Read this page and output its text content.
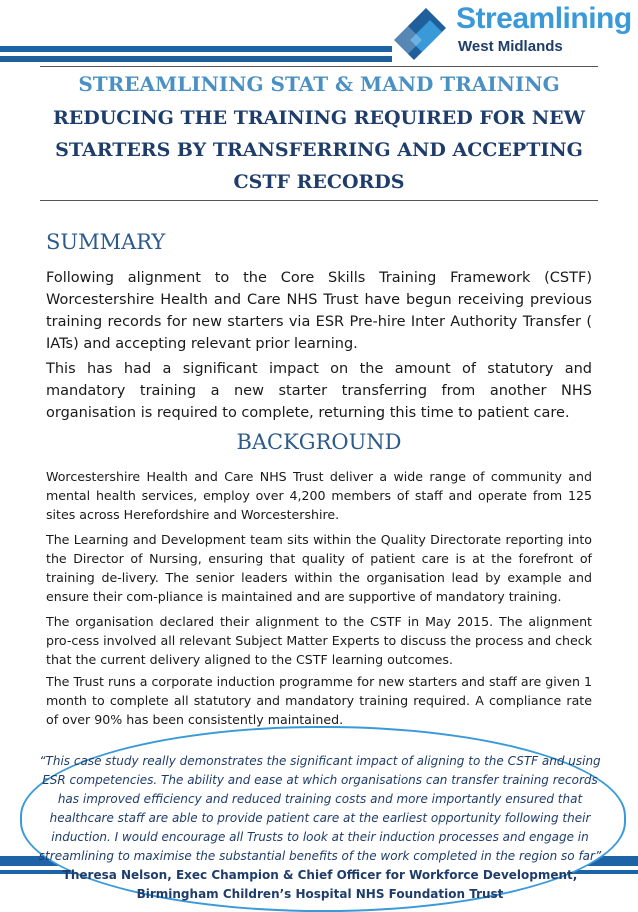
Streamlining
West Midlands
STREAMLINING STAT & MAND TRAINING
REDUCING THE TRAINING REQUIRED FOR NEW
STARTERS BY TRANSFERRING AND ACCEPTING
CSTF RECORDS
SUMMARY

Following alignment to the Core Skills Training Framework (CSTF) Worcestershire Health and Care NHS Trust have begun receiving previous training records for new starters via ESR Pre-hire Inter Authority Transfer ( IATs) and accepting relevant prior learning.

This has had a significant impact on the amount of statutory and mandatory training a new starter transferring from another NHS organisation is required to complete, returning this time to patient care.

BACKGROUND

Worcestershire Health and Care NHS Trust deliver a wide range of community and mental health services, employ over 4,200 members of staff and operate from 125 sites across Herefordshire and Worcestershire.

The Learning and Development team sits within the Quality Directorate reporting into the Director of Nursing, ensuring that quality of patient care is at the forefront of training de-livery. The senior leaders within the organisation lead by example and ensure their com-pliance is maintained and are supportive of mandatory training.

The organisation declared their alignment to the CSTF in May 2015. The alignment pro-cess involved all relevant Subject Matter Experts to discuss the process and check that the current delivery aligned to the CSTF learning outcomes.

The Trust runs a corporate induction programme for new starters and staff are given 1 month to complete all statutory and mandatory training required. A compliance rate of over 90% has been consistently maintained.

“This case study really demonstrates the significant impact of aligning to the CSTF and using ESR competencies. The ability and ease at which organisations can transfer training records has improved efficiency and reduced training costs and more importantly ensured that healthcare staff are able to provide patient care at the earliest opportunity following their induction. I would encourage all Trusts to look at their induction processes and engage in streamlining to maximise the substantial benefits of the work completed in the region so far” Theresa Nelson, Exec Champion & Chief Officer for Workforce Development, Birmingham Children’s Hospital NHS Foundation Trust
